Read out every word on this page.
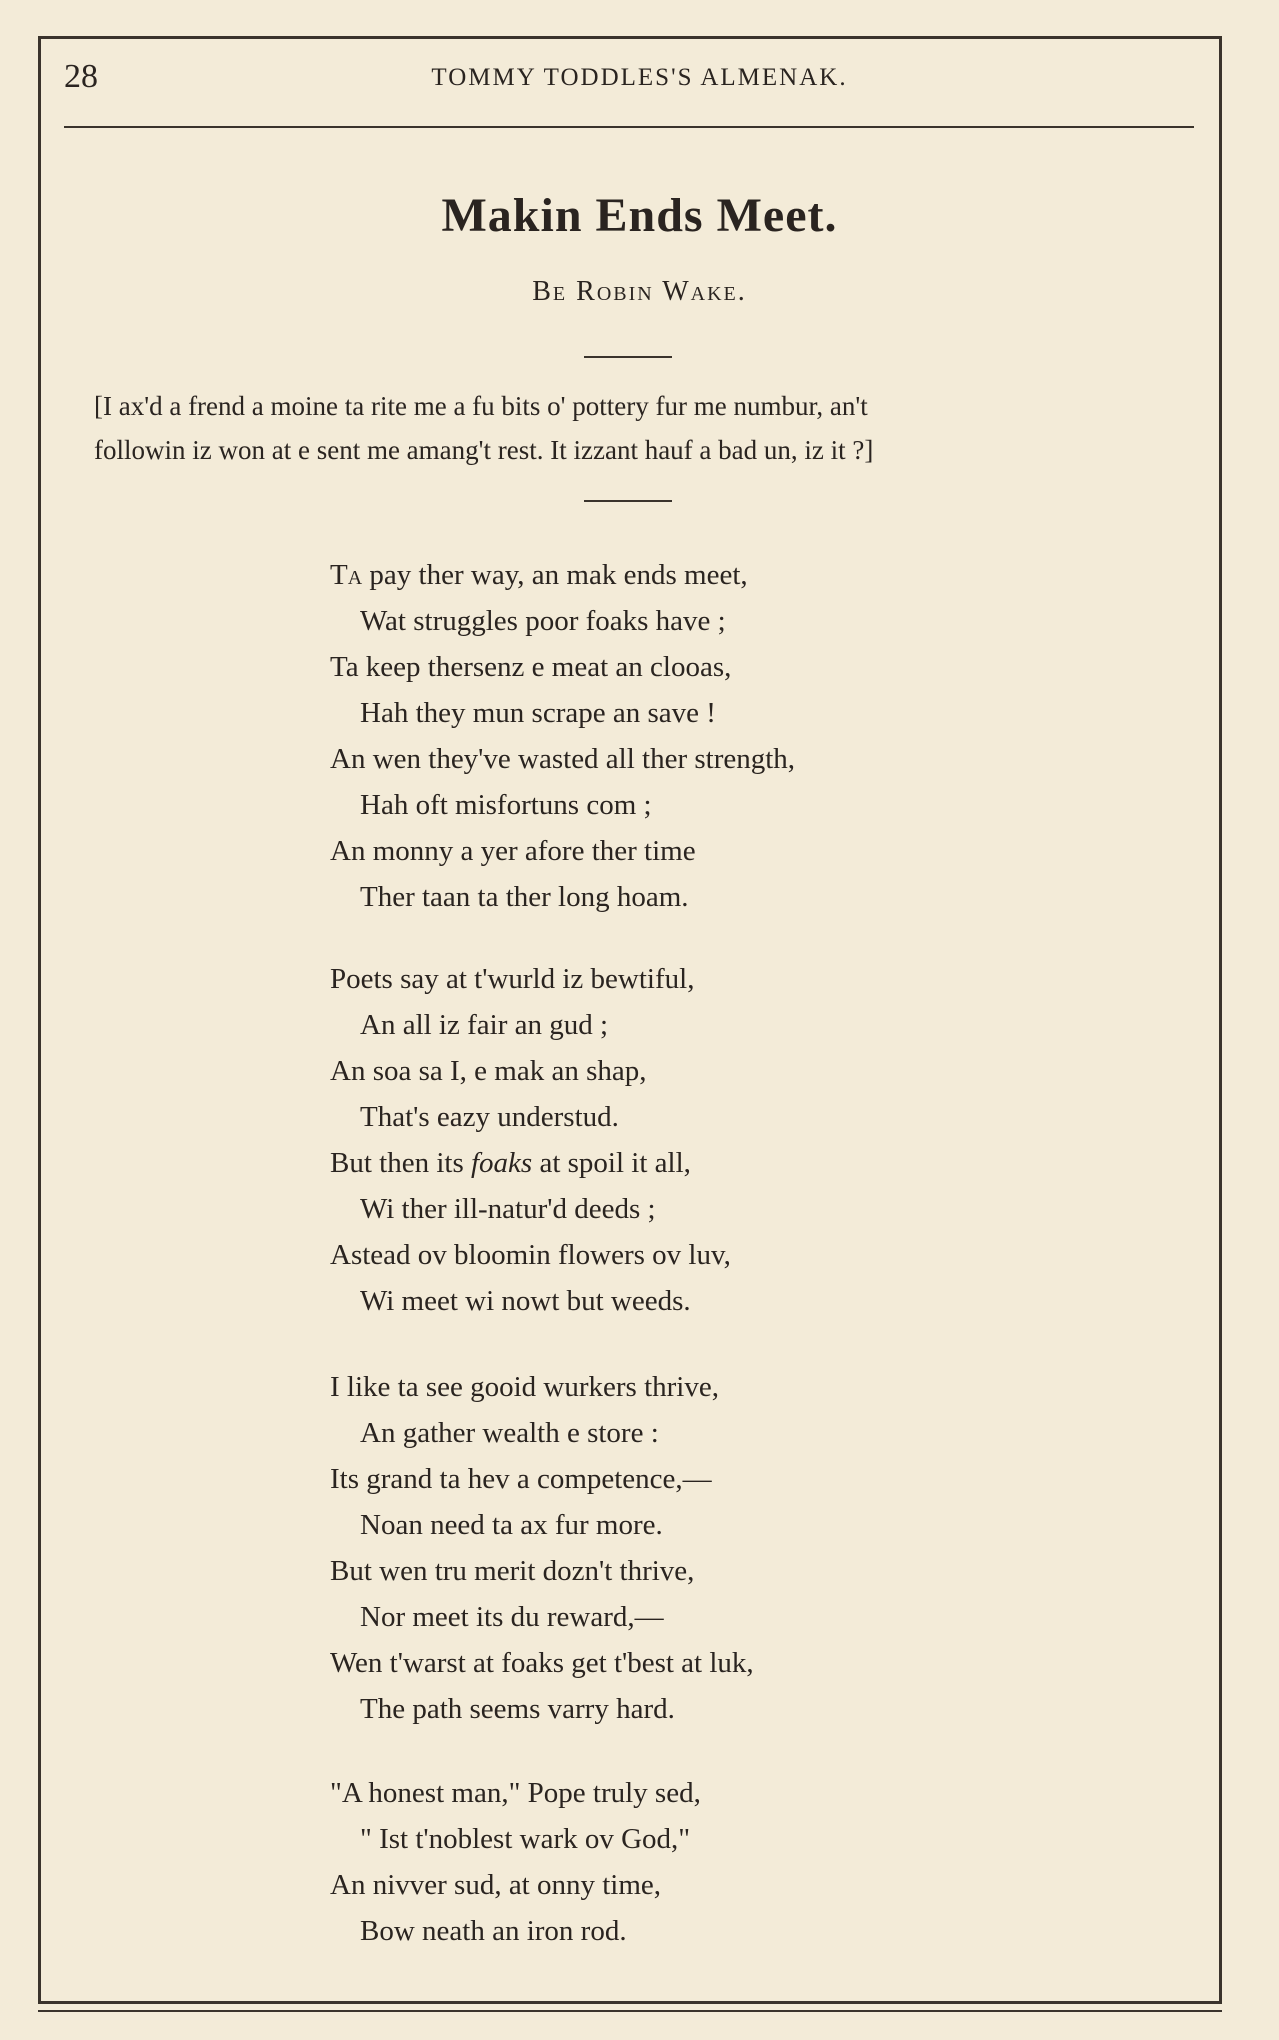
28	TOMMY TODDLES'S ALMENAK.
Makin Ends Meet.
Be Robin Wake.
[I ax'd a frend a moine ta rite me a fu bits o' pottery fur me numbur, an't
followin iz won at e sent me amang't rest. It izzant hauf a bad un, iz it ?]
Ta pay ther way, an mak ends meet,
Wat struggles poor foaks have ;
Ta keep thersenz e meat an clooas,
Hah they mun scrape an save !
An wen they've wasted all ther strength,
Hah oft misfortuns com ;
An monny a yer afore ther time
Ther taan ta ther long hoam.
Poets say at t'wurld iz bewtiful,
An all iz fair an gud ;
An soa sa I, e mak an shap,
That's eazy understud.
But then its foaks at spoil it all,
Wi ther ill-natur'd deeds ;
Astead ov bloomin flowers ov luv,
Wi meet wi nowt but weeds.
I like ta see gooid wurkers thrive,
An gather wealth e store :
Its grand ta hev a competence,—
Noan need ta ax fur more.
But wen tru merit dozn't thrive,
Nor meet its du reward,—
Wen t'warst at foaks get t'best at luk,
The path seems varry hard.
"A honest man," Pope truly sed,
" Ist t'noblest wark ov God,"
An nivver sud, at onny time,
Bow neath an iron rod.
